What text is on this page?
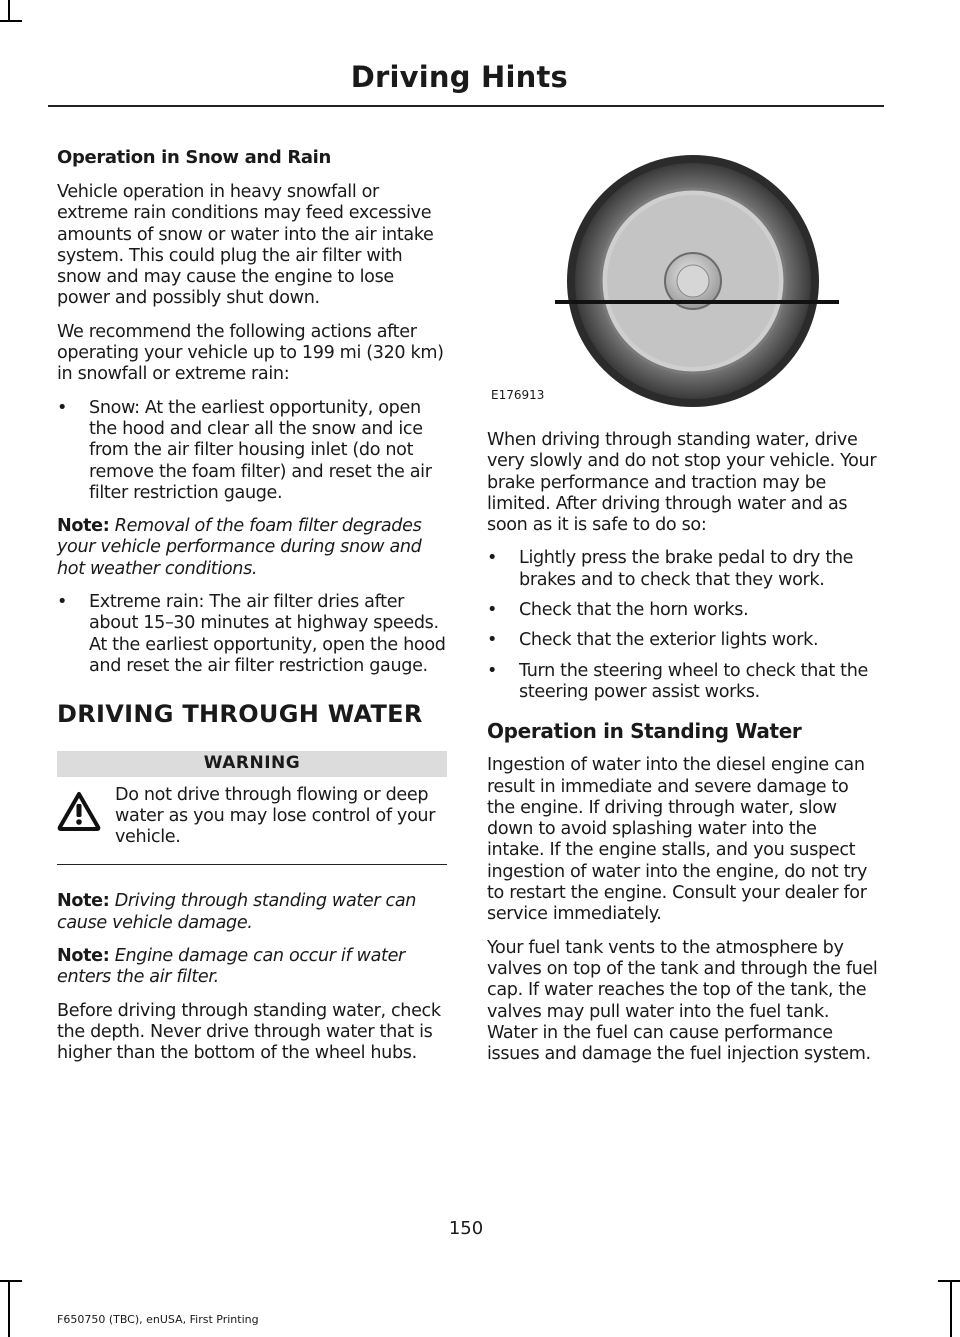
Driving Hints
Operation in Snow and Rain

Vehicle operation in heavy snowfall or extreme rain conditions may feed excessive amounts of snow or water into the air intake system. This could plug the air filter with snow and may cause the engine to lose power and possibly shut down.

We recommend the following actions after operating your vehicle up to 199 mi (320 km) in snowfall or extreme rain:

• Snow: At the earliest opportunity, open the hood and clear all the snow and ice from the air filter housing inlet (do not remove the foam filter) and reset the air filter restriction gauge.

Note: Removal of the foam filter degrades your vehicle performance during snow and hot weather conditions.

• Extreme rain: The air filter dries after about 15–30 minutes at highway speeds. At the earliest opportunity, open the hood and reset the air filter restriction gauge.
DRIVING THROUGH WATER
WARNING
Do not drive through flowing or deep water as you may lose control of your vehicle.

Note: Driving through standing water can cause vehicle damage.

Note: Engine damage can occur if water enters the air filter.

Before driving through standing water, check the depth. Never drive through water that is higher than the bottom of the wheel hubs.

E176913

When driving through standing water, drive very slowly and do not stop your vehicle. Your brake performance and traction may be limited. After driving through water and as soon as it is safe to do so:

• Lightly press the brake pedal to dry the brakes and to check that they work.
• Check that the horn works.
• Check that the exterior lights work.
• Turn the steering wheel to check that the steering power assist works.
Operation in Standing Water

Ingestion of water into the diesel engine can result in immediate and severe damage to the engine. If driving through water, slow down to avoid splashing water into the intake. If the engine stalls, and you suspect ingestion of water into the engine, do not try to restart the engine. Consult your dealer for service immediately.

Your fuel tank vents to the atmosphere by valves on top of the tank and through the fuel cap. If water reaches the top of the tank, the valves may pull water into the fuel tank. Water in the fuel can cause performance issues and damage the fuel injection system.

150
F650750 (TBC), enUSA, First Printing
